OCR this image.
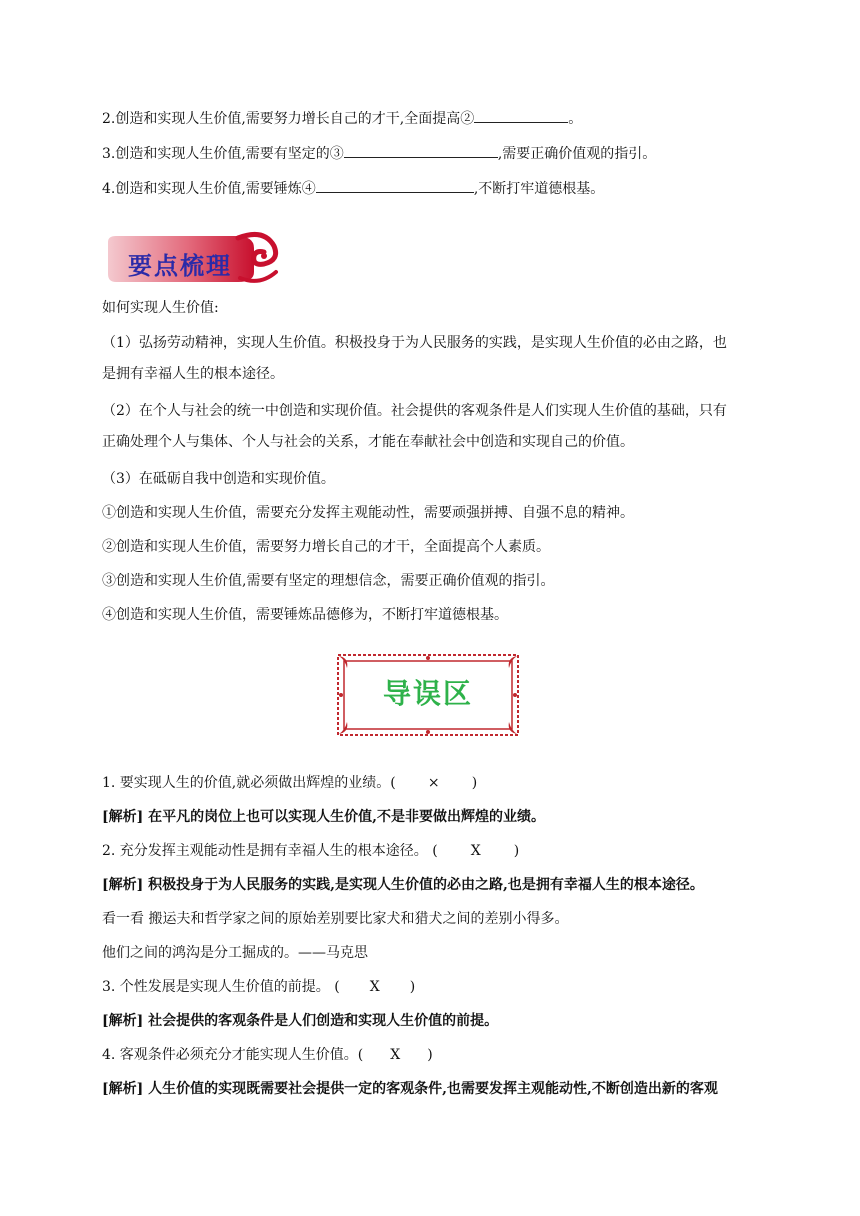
2.创造和实现人生价值,需要努力增长自己的才干,全面提高②	。
3.创造和实现人生价值,需要有坚定的③	,需要正确价值观的指引。
4.创造和实现人生价值,需要锤炼④	,不断打牢道德根基。
要点梳理
如何实现人生价值:
（1）弘扬劳动精神，实现人生价值。积极投身于为人民服务的实践，是实现人生价值的必由之路，也
是拥有幸福人生的根本途径。
（2）在个人与社会的统一中创造和实现价值。社会提供的客观条件是人们实现人生价值的基础，只有
正确处理个人与集体、个人与社会的关系，才能在奉献社会中创造和实现自己的价值。
（3）在砥砺自我中创造和实现价值。
①创造和实现人生价值，需要充分发挥主观能动性，需要顽强拼搏、自强不息的精神。
②创造和实现人生价值，需要努力增长自己的才干，全面提高个人素质。
③创造和实现人生价值,需要有坚定的理想信念，需要正确价值观的指引。
④创造和实现人生价值，需要锤炼品德修为，不断打牢道德根基。
导误区
1. 要实现人生的价值,就必须做出辉煌的业绩。( × )
[解析] 在平凡的岗位上也可以实现人生价值,不是非要做出辉煌的业绩。
2. 充分发挥主观能动性是拥有幸福人生的根本途径。 ( X )
[解析] 积极投身于为人民服务的实践,是实现人生价值的必由之路,也是拥有幸福人生的根本途径。
看一看 搬运夫和哲学家之间的原始差别要比家犬和猎犬之间的差别小得多。
他们之间的鸿沟是分工掘成的。——马克思
3. 个性发展是实现人生价值的前提。 ( X )
[解析] 社会提供的客观条件是人们创造和实现人生价值的前提。
4. 客观条件必须充分才能实现人生价值。( X )
[解析] 人生价值的实现既需要社会提供一定的客观条件,也需要发挥主观能动性,不断创造出新的客观
